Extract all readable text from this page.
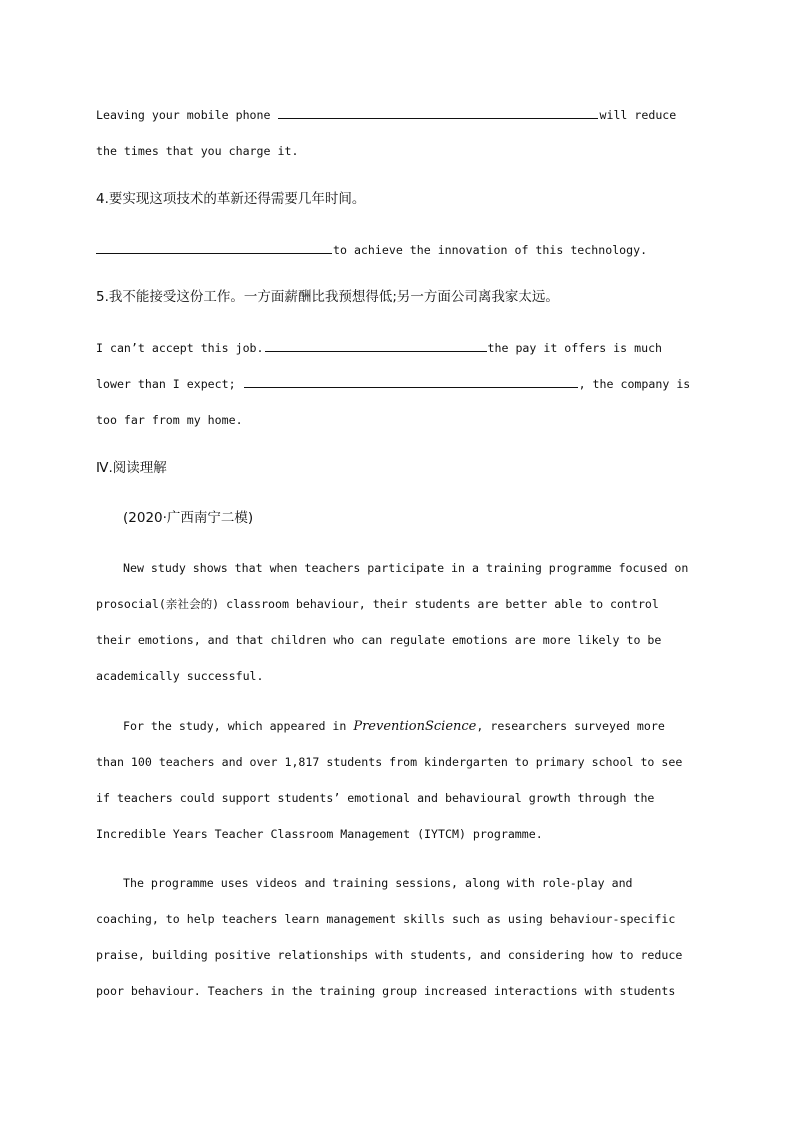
Leaving your mobile phone	will reduce
the times that you charge it.
4.要实现这项技术的革新还得需要几年时间。
to achieve the innovation of this technology.
5.我不能接受这份工作。一方面薪酬比我预想得低;另一方面公司离我家太远。
I can’t accept this job.	the pay it offers is much
lower than I expect;	, the company is
too far from my home.
Ⅳ.阅读理解
(2020·广西南宁二模)
New study shows that when teachers participate in a training programme focused on
prosocial(亲社会的) classroom behaviour, their students are better able to control
their emotions, and that children who can regulate emotions are more likely to be
academically successful.
For the study, which appeared in PreventionScience, researchers surveyed more
than 100 teachers and over 1,817 students from kindergarten to primary school to see
if teachers could support students’ emotional and behavioural growth through the
Incredible Years Teacher Classroom Management (IYTCM) programme.
The programme uses videos and training sessions, along with role-play and
coaching, to help teachers learn management skills such as using behaviour-specific
praise, building positive relationships with students, and considering how to reduce
poor behaviour. Teachers in the training group increased interactions with students
